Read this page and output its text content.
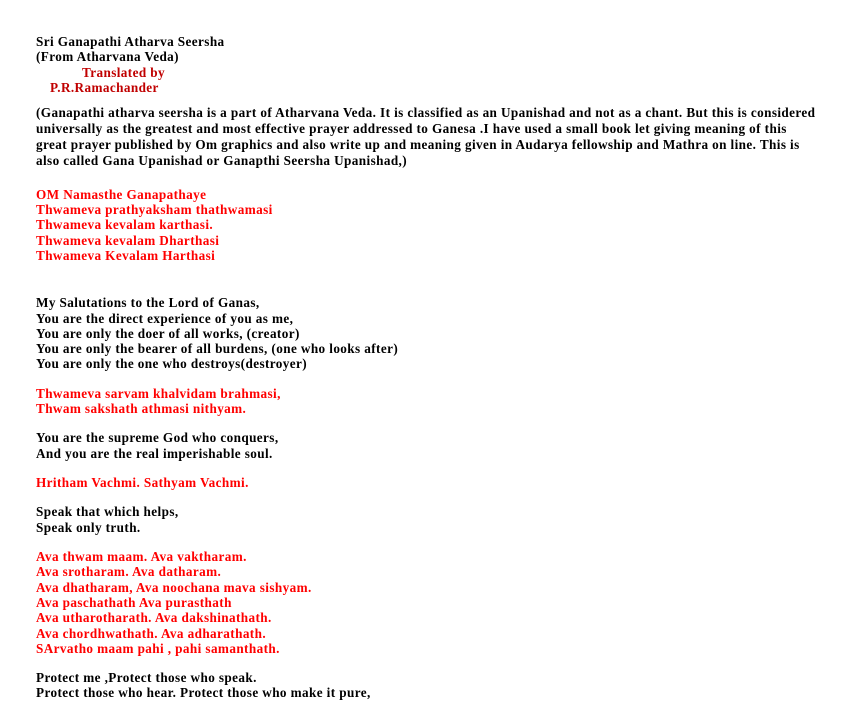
Sri Ganapathi Atharva Seersha
(From Atharvana Veda)
Translated by
P.R.Ramachander

(Ganapathi atharva seersha is a part of Atharvana Veda. It is classified as an Upanishad and not as a chant. But this is considered universally as the greatest and most effective prayer addressed to Ganesa .I have used a small book let giving meaning of this great prayer published by Om graphics and also write up and meaning given in Audarya fellowship and Mathra on line. This is also called Gana Upanishad or Ganapthi Seersha Upanishad,)

OM Namasthe Ganapathaye
Thwameva prathyaksham thathwamasi
Thwameva kevalam karthasi.
Thwameva kevalam Dharthasi
Thwameva Kevalam Harthasi
My Salutations to the Lord of Ganas,
You are the direct experience of you as me,
You are only the doer of all works, (creator)
You are only the bearer of all burdens, (one who looks after)
You are only the one who destroys(destroyer)
Thwameva sarvam khalvidam brahmasi,
Thwam sakshath athmasi nithyam.
You are the supreme God who conquers,
And you are the real imperishable soul.
Hritham Vachmi. Sathyam Vachmi.
Speak that which helps,
Speak only truth.
Ava thwam maam. Ava vaktharam.
Ava srotharam. Ava datharam.
Ava dhatharam, Ava noochana mava sishyam.
Ava paschathath Ava purasthath
Ava utharotharath. Ava dakshinathath.
Ava chordhwathath. Ava adharathath.
SArvatho maam pahi , pahi samanthath.
Protect me ,Protect those who speak.
Protect those who hear. Protect those who make it pure,
